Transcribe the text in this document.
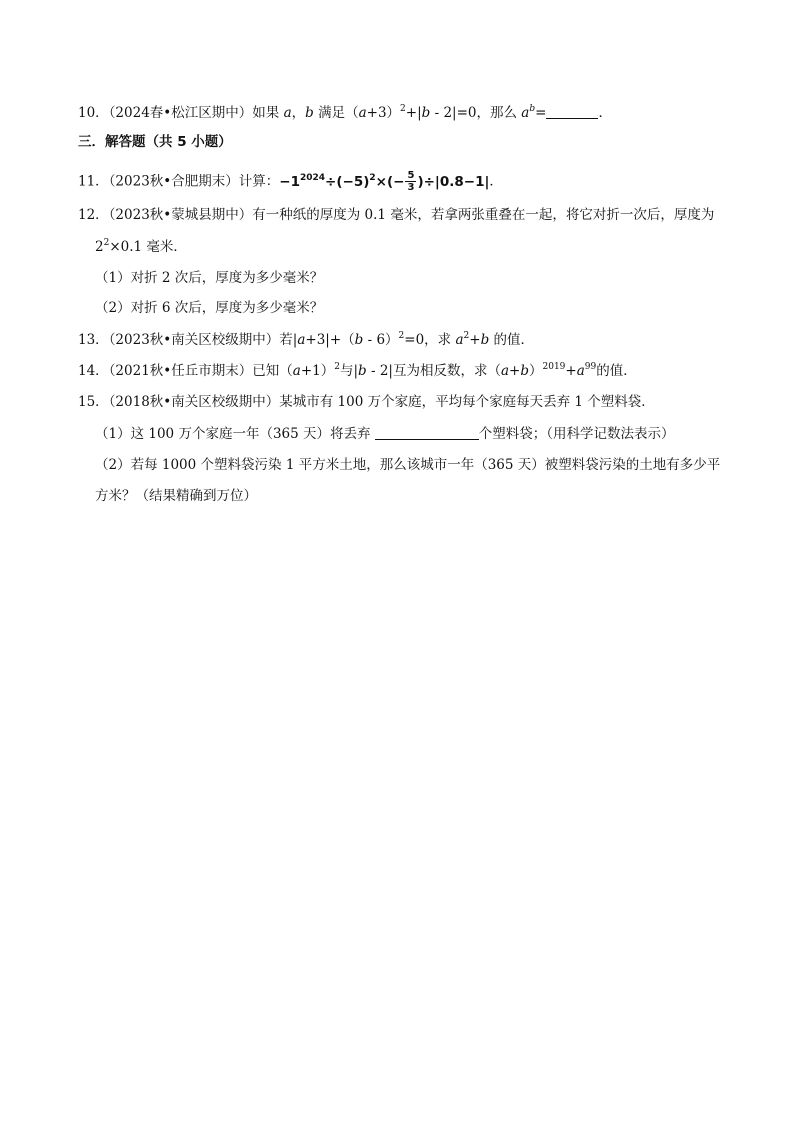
10．（2024春•松江区期中）如果 a，b 满足$(a+3)^2+|b - 2|=0$，那么 $a^b=$	．
三．解答题（共 5 小题）
11．（2023秋•合肥期末）计算：$-1^{2024}\div(-5)^2\times(- \frac{5}{3} )\div|0.8-1|$．
12．（2023秋•蒙城县期中）有一种纸的厚度为 0.1 毫米，若拿两张重叠在一起，将它对折一次后，厚度为
$2^2\times 0.1$ 毫米．
（1）对折 2 次后，厚度为多少毫米？
（2）对折 6 次后，厚度为多少毫米？
13．（2023秋•南关区校级期中）若|a+3|+（b - 6）$^2$=0，求 $a^2+b$ 的值．
14．（2021秋•任丘市期末）已知$(a+1)^2$与|b - 2|互为相反数，求$(a+b)^{2019}+a^{99}$的值．
15．（2018秋•南关区校级期中）某城市有 100 万个家庭，平均每个家庭每天丢弃 1 个塑料袋．
（1）这 100 万个家庭一年（365 天）将丢弃	个塑料袋；（用科学记数法表示）
（2）若每 1000 个塑料袋污染 1 平方米土地，那么该城市一年（365 天）被塑料袋污染的土地有多少平
方米？（结果精确到万位）
